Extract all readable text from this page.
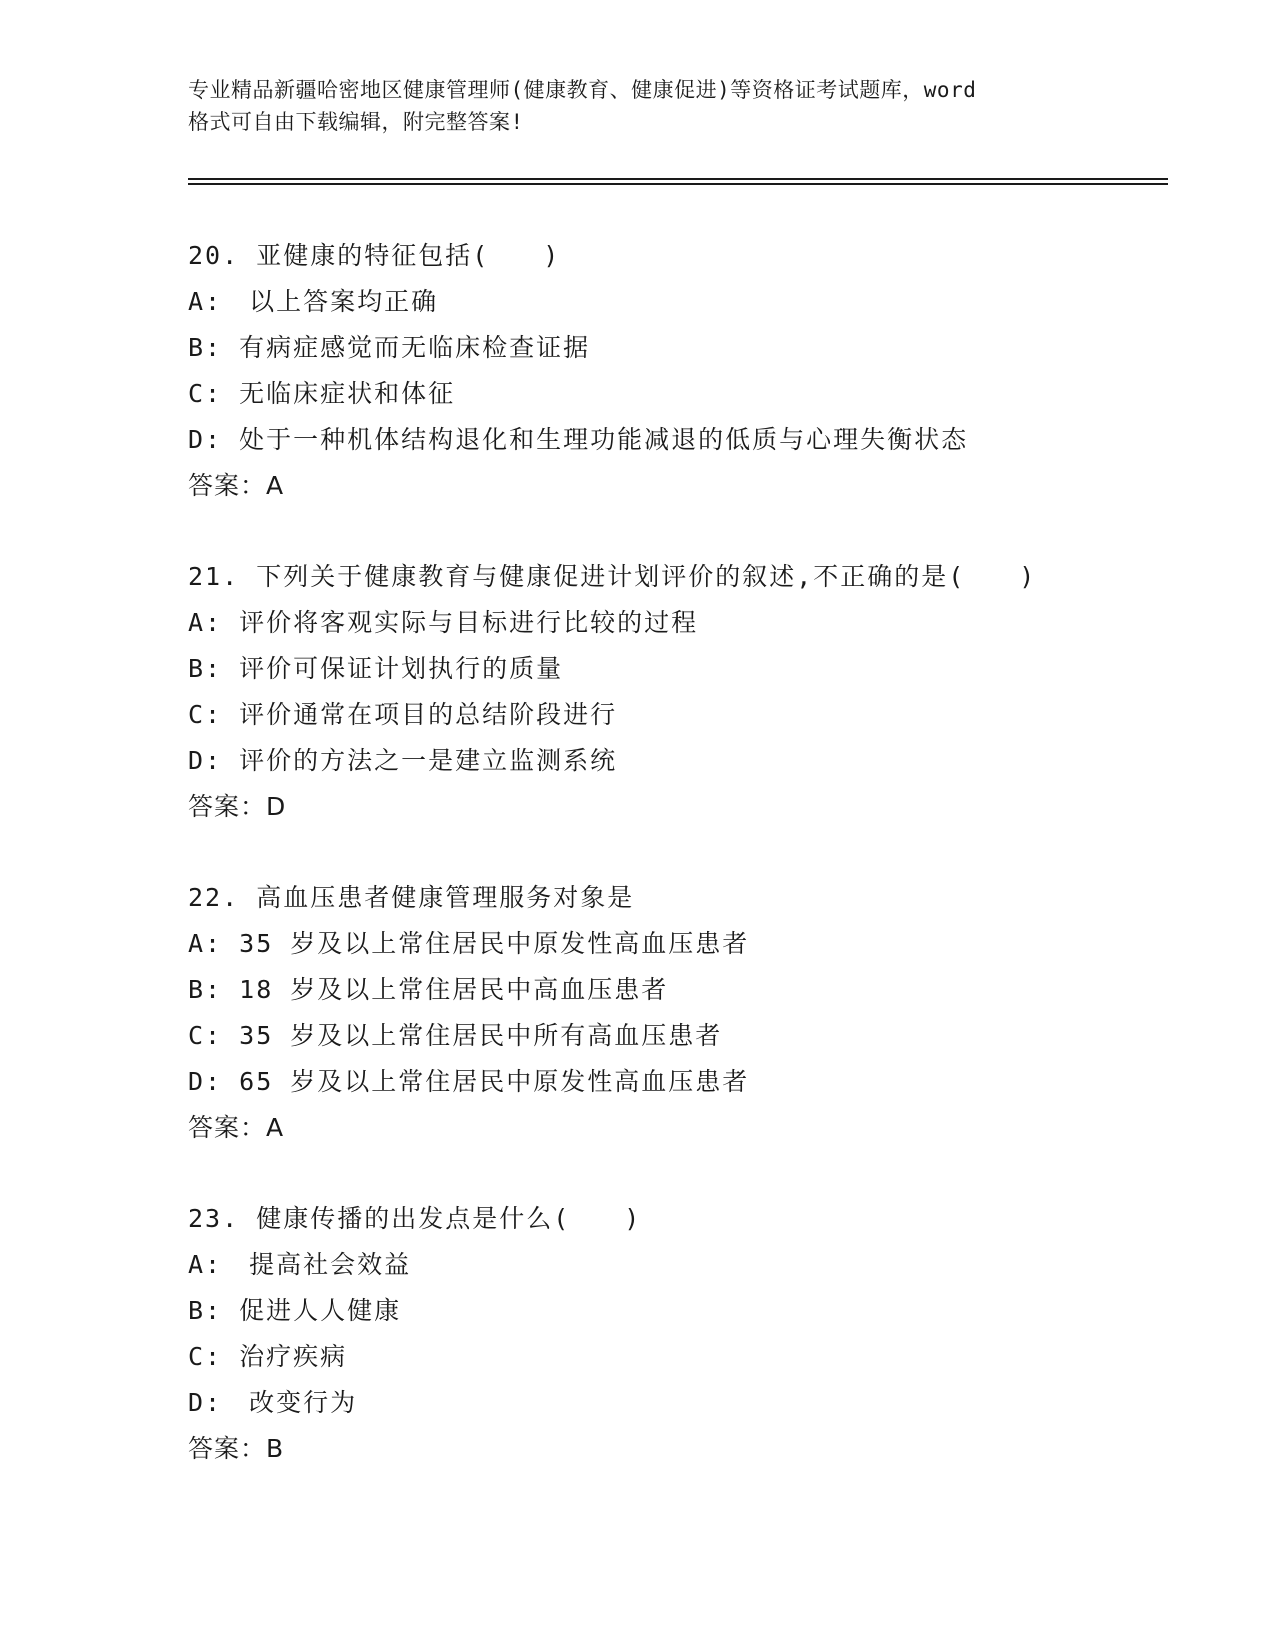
专业精品新疆哈密地区健康管理师(健康教育、健康促进)等资格证考试题库，word
格式可自由下载编辑，附完整答案!
20. 亚健康的特征包括(　　)
A:　以上答案均正确
B: 有病症感觉而无临床检查证据
C: 无临床症状和体征
D: 处于一种机体结构退化和生理功能减退的低质与心理失衡状态
答案：A
21. 下列关于健康教育与健康促进计划评价的叙述,不正确的是(　　)
A: 评价将客观实际与目标进行比较的过程
B: 评价可保证计划执行的质量
C: 评价通常在项目的总结阶段进行
D: 评价的方法之一是建立监测系统
答案：D
22. 高血压患者健康管理服务对象是
A: 35 岁及以上常住居民中原发性高血压患者
B: 18 岁及以上常住居民中高血压患者
C: 35 岁及以上常住居民中所有高血压患者
D: 65 岁及以上常住居民中原发性高血压患者
答案：A
23. 健康传播的出发点是什么(　　)
A:　提高社会效益
B: 促进人人健康
C: 治疗疾病
D:　改变行为
答案：B
